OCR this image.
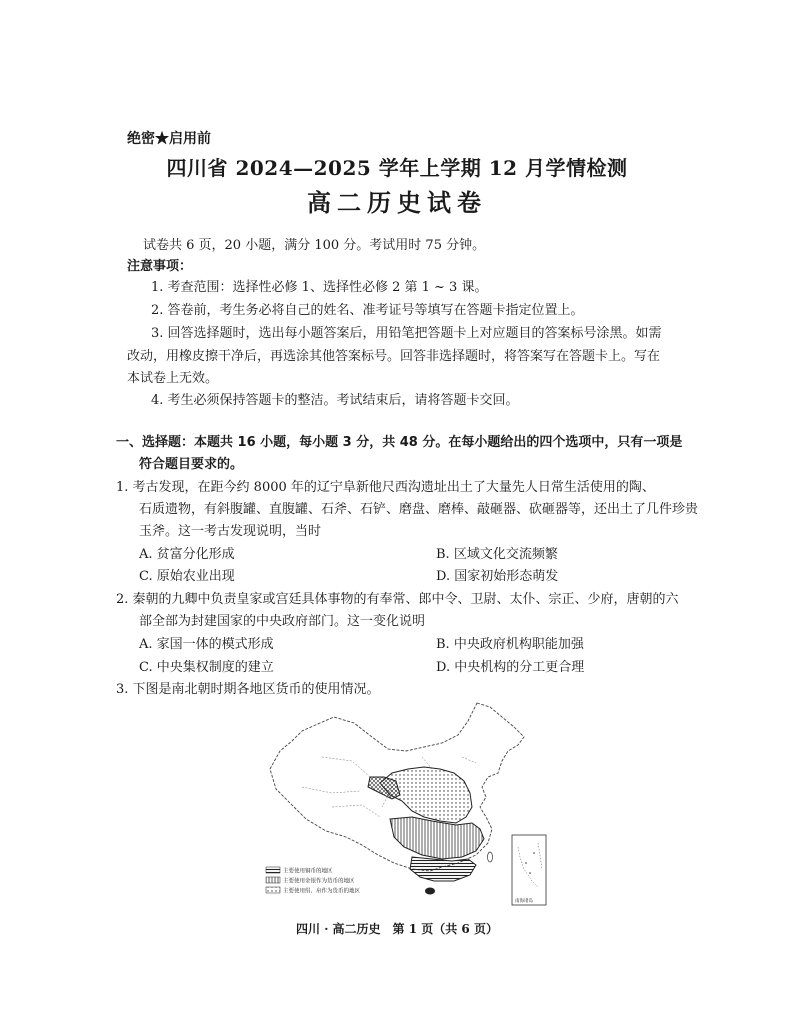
绝密★启用前
四川省 2024—2025 学年上学期 12 月学情检测
高二历史试卷
试卷共 6 页，20 小题，满分 100 分。考试用时 75 分钟。
注意事项：
1. 考查范围：选择性必修 1、选择性必修 2 第 1 ~ 3 课。
2. 答卷前，考生务必将自己的姓名、准考证号等填写在答题卡指定位置上。
3. 回答选择题时，选出每小题答案后，用铅笔把答题卡上对应题目的答案标号涂黑。如需
改动，用橡皮擦干净后，再选涂其他答案标号。回答非选择题时，将答案写在答题卡上。写在
本试卷上无效。
4. 考生必须保持答题卡的整洁。考试结束后，请将答题卡交回。
一、选择题：本题共 16 小题，每小题 3 分，共 48 分。在每小题给出的四个选项中，只有一项是
符合题目要求的。
1. 考古发现，在距今约 8000 年的辽宁阜新他尺西沟遗址出土了大量先人日常生活使用的陶、
石质遗物，有斜腹罐、直腹罐、石斧、石铲、磨盘、磨棒、敲砸器、砍砸器等，还出土了几件珍贵
玉斧。这一考古发现说明，当时
A. 贫富分化形成	B. 区域文化交流频繁
C. 原始农业出现	D. 国家初始形态萌发
2. 秦朝的九卿中负责皇家或宫廷具体事物的有奉常、郎中令、卫尉、太仆、宗正、少府，唐朝的六
部全部为封建国家的中央政府部门。这一变化说明
A. 家国一体的模式形成	B. 中央政府机构职能加强
C. 中央集权制度的建立	D. 中央机构的分工更合理
3. 下图是南北朝时期各地区货币的使用情况。
主要使用铜币的地区
主要使用金银作为货币的地区
主要使用绢、帛作为货币的地区
南海诸岛
四川 · 高二历史　第 1 页（共 6 页）
